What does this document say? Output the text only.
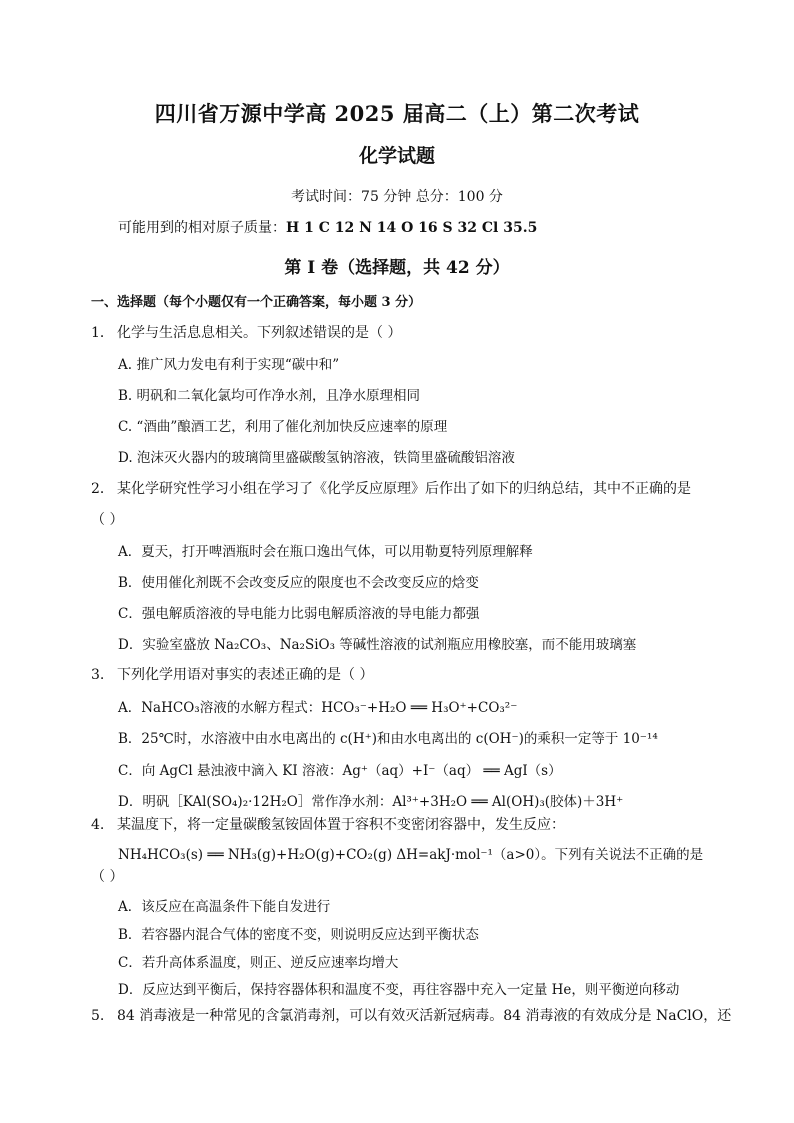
四川省万源中学高 2025 届高二（上）第二次考试
化学试题
考试时间：75 分钟 总分：100 分
可能用到的相对原子质量：H 1 C 12 N 14 O 16 S 32 Cl 35.5
第 I 卷（选择题，共 42 分）
一、选择题（每个小题仅有一个正确答案，每小题 3 分）
1． 化学与生活息息相关。下列叙述错误的是（ ）
A. 推广风力发电有利于实现“碳中和”
B. 明矾和二氧化氯均可作净水剂，且净水原理相同
C. “酒曲”酿酒工艺，利用了催化剂加快反应速率的原理
D. 泡沫灭火器内的玻璃筒里盛碳酸氢钠溶液，铁筒里盛硫酸铝溶液
2． 某化学研究性学习小组在学习了《化学反应原理》后作出了如下的归纳总结，其中不正确的是
（ ）
A．夏天，打开啤酒瓶时会在瓶口逸出气体，可以用勒夏特列原理解释
B．使用催化剂既不会改变反应的限度也不会改变反应的焓变
C．强电解质溶液的导电能力比弱电解质溶液的导电能力都强
D．实验室盛放 Na₂CO₃、Na₂SiO₃ 等碱性溶液的试剂瓶应用橡胶塞，而不能用玻璃塞
3. 下列化学用语对事实的表述正确的是（ ）
A．NaHCO₃溶液的水解方程式：HCO₃⁻+H₂O ══ H₃O⁺+CO₃²⁻
B．25℃时，水溶液中由水电离出的 c(H⁺)和由水电离出的 c(OH⁻)的乘积一定等于 10⁻¹⁴
C．向 AgCl 悬浊液中滴入 KI 溶液：Ag⁺（aq）+I⁻（aq） ══ AgI（s）
D．明矾［KAl(SO₄)₂·12H₂O］常作净水剂：Al³⁺+3H₂O ══ Al(OH)₃(胶体)＋3H⁺
4. 某温度下，将一定量碳酸氢铵固体置于容积不变密闭容器中，发生反应：
NH₄HCO₃(s) ══ NH₃(g)+H₂O(g)+CO₂(g) ΔH=akJ·mol⁻¹（a>0）。下列有关说法不正确的是
（ ）
A．该反应在高温条件下能自发进行
B．若容器内混合气体的密度不变，则说明反应达到平衡状态
C．若升高体系温度，则正、逆反应速率均增大
D．反应达到平衡后，保持容器体积和温度不变，再往容器中充入一定量 He，则平衡逆向移动
5. 84 消毒液是一种常见的含氯消毒剂，可以有效灭活新冠病毒。84 消毒液的有效成分是 NaClO，还
